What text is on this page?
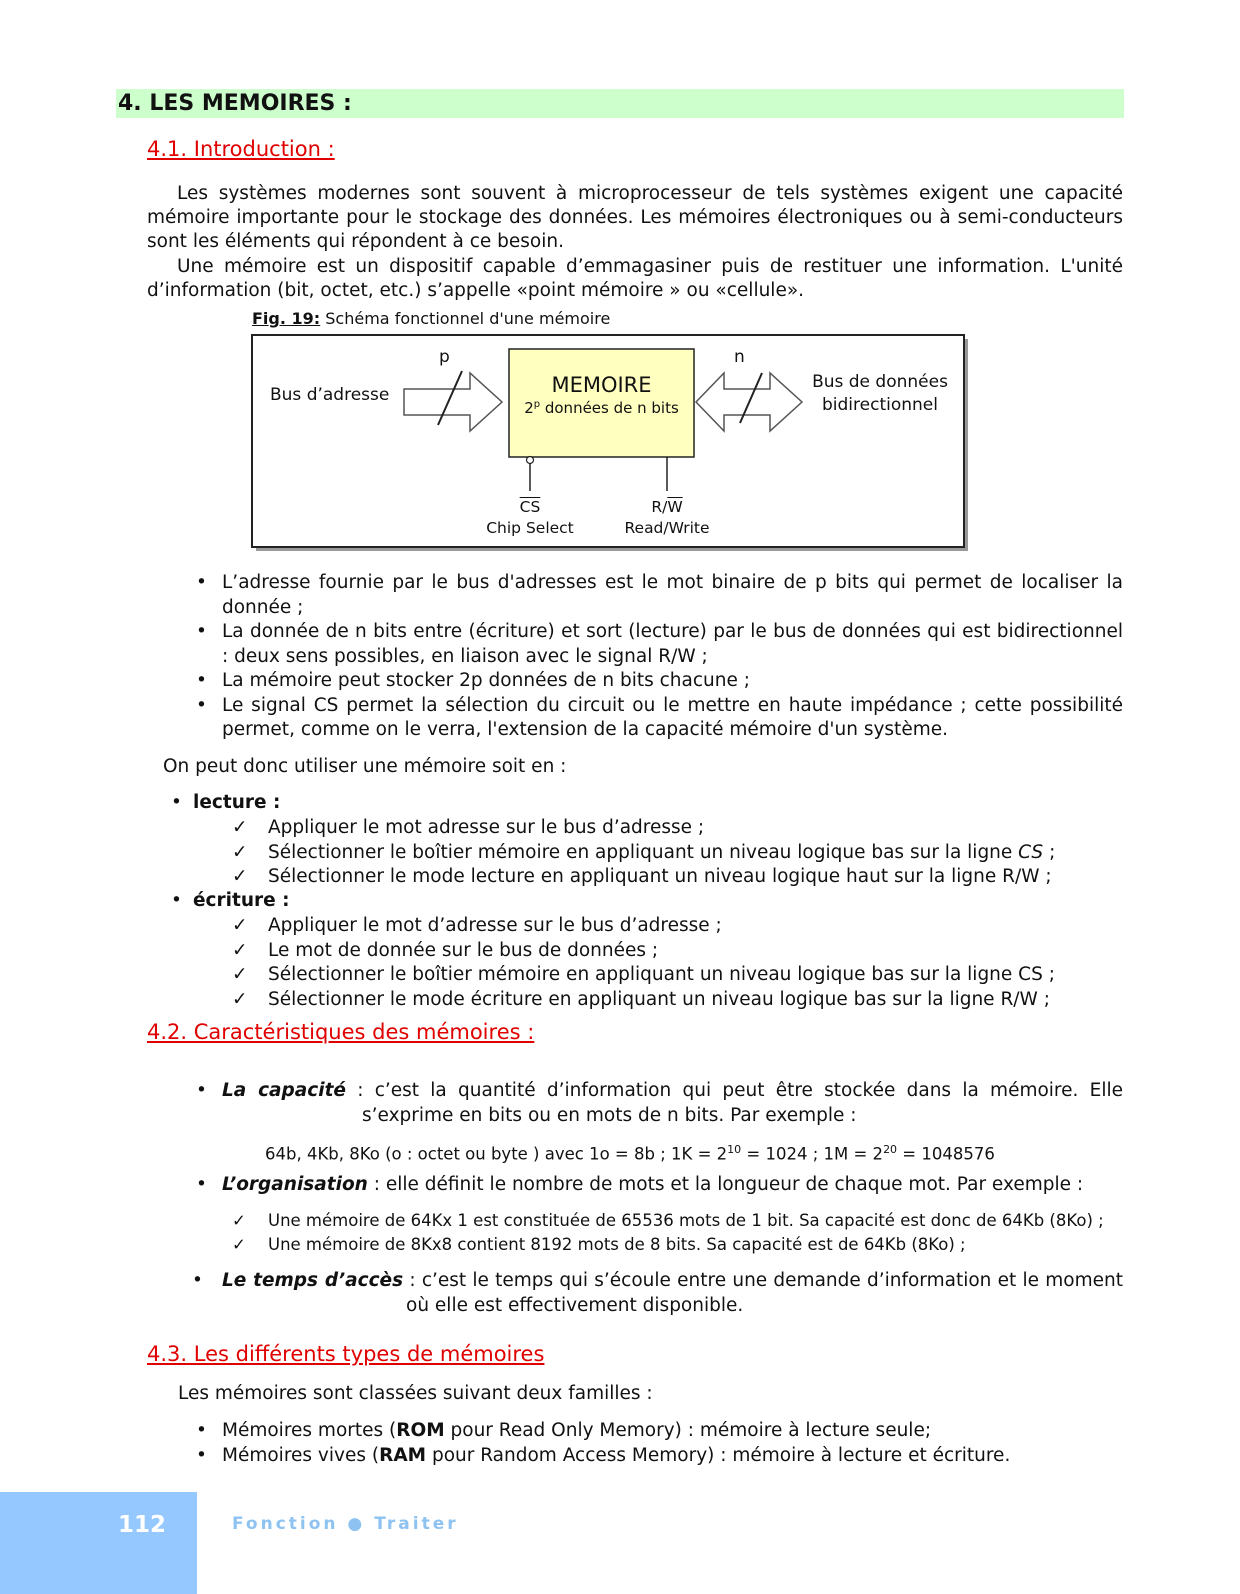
4. LES MEMOIRES :
4.1. Introduction :
Les systèmes modernes sont souvent à microprocesseur de tels systèmes exigent une capacité mémoire importante pour le stockage des données. Les mémoires électroniques ou à semi-conducteurs sont les éléments qui répondent à ce besoin.
Une mémoire est un dispositif capable d’emmagasiner puis de restituer une information. L'unité d’information (bit, octet, etc.) s’appelle «point mémoire » ou «cellule».
Fig. 19: Schéma fonctionnel d'une mémoire
Bus d’adresse
p	n
MEMOIRE
2$^p$ données de n bits
Bus de données
bidirectionnel
$\overline{CS}$
Chip Select
$R/\overline{W}$
Read/Write
• L’adresse fournie par le bus d'adresses est le mot binaire de p bits qui permet de localiser la donnée ;
• La donnée de n bits entre (écriture) et sort (lecture) par le bus de données qui est bidirectionnel : deux sens possibles, en liaison avec le signal R/W ;
• La mémoire peut stocker 2p données de n bits chacune ;
• Le signal CS permet la sélection du circuit ou le mettre en haute impédance ; cette possibilité permet, comme on le verra, l'extension de la capacité mémoire d'un système.
On peut donc utiliser une mémoire soit en :
• lecture :
✓ Appliquer le mot adresse sur le bus d’adresse ;
✓ Sélectionner le boîtier mémoire en appliquant un niveau logique bas sur la ligne CS ;
✓ Sélectionner le mode lecture en appliquant un niveau logique haut sur la ligne R/W ;
• écriture :
✓ Appliquer le mot d’adresse sur le bus d’adresse ;
✓ Le mot de donnée sur le bus de données ;
✓ Sélectionner le boîtier mémoire en appliquant un niveau logique bas sur la ligne CS ;
✓ Sélectionner le mode écriture en appliquant un niveau logique bas sur la ligne R/W ;
4.2. Caractéristiques des mémoires :
• La capacité : c’est la quantité d’information qui peut être stockée dans la mémoire. Elle
s’exprime en bits ou en mots de n bits. Par exemple :
64b, 4Kb, 8Ko (o : octet ou byte ) avec 1o = 8b ; $1K = 2^{10} = 1024$ ; $1M = 2^{20} = 1048576$
• L’organisation : elle définit le nombre de mots et la longueur de chaque mot. Par exemple :
✓ Une mémoire de 64Kx 1 est constituée de 65536 mots de 1 bit. Sa capacité est donc de 64Kb (8Ko) ;
✓ Une mémoire de 8Kx8 contient 8192 mots de 8 bits. Sa capacité est de 64Kb (8Ko) ;
• Le temps d’accès : c’est le temps qui s’écoule entre une demande d’information et le moment
où elle est effectivement disponible.
4.3. Les différents types de mémoires
Les mémoires sont classées suivant deux familles :
• Mémoires mortes (ROM pour Read Only Memory) : mémoire à lecture seule;
• Mémoires vives (RAM pour Random Access Memory) : mémoire à lecture et écriture.
112	Fonction ● Traiter
